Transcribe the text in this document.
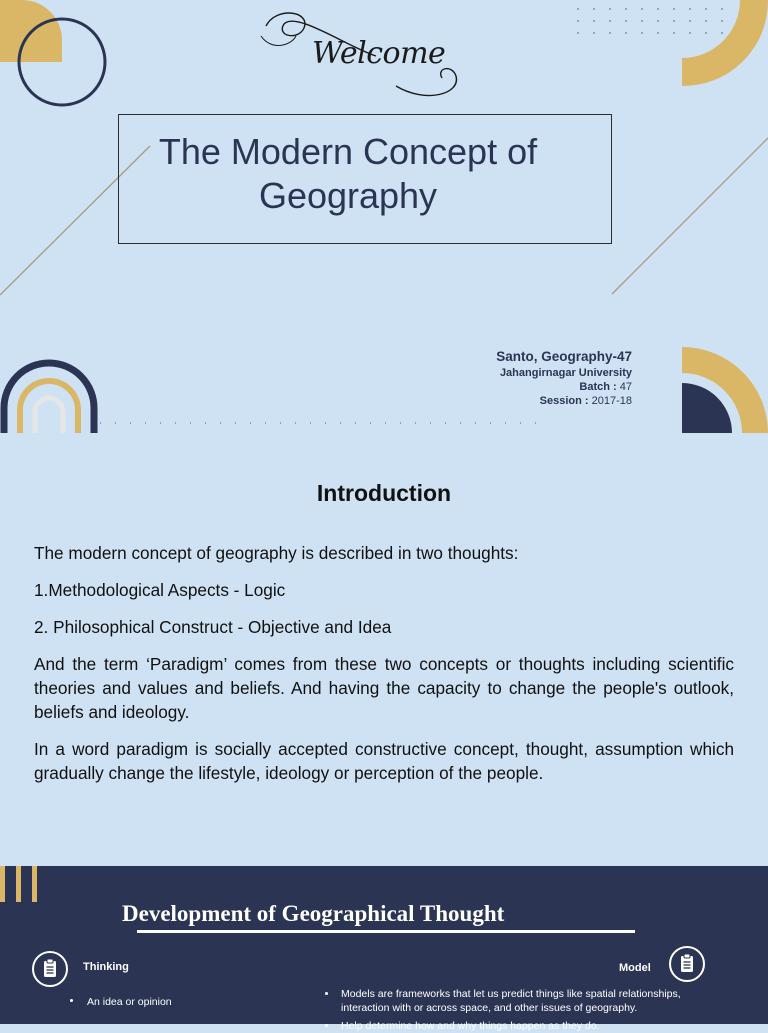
Welcome
The Modern Concept of Geography
Santo, Geography-47
Jahangirnagar University
Batch : 47
Session : 2017-18
Introduction

The modern concept of geography is described in two thoughts:

1.Methodological Aspects - Logic

2. Philosophical Construct - Objective and Idea

And the term ‘Paradigm’ comes from these two concepts or thoughts including scientific theories and values and beliefs. And having the capacity to change the people's outlook, beliefs and ideology.

In a word paradigm is socially accepted constructive concept, thought, assumption which gradually change the lifestyle, ideology or perception of the people.

Development of Geographical Thought
Thinking
An idea or opinion
Model
Models are frameworks that let us predict things like spatial relationships, interaction with or across space, and other issues of geography.
Help determine how and why things happen as they do.
